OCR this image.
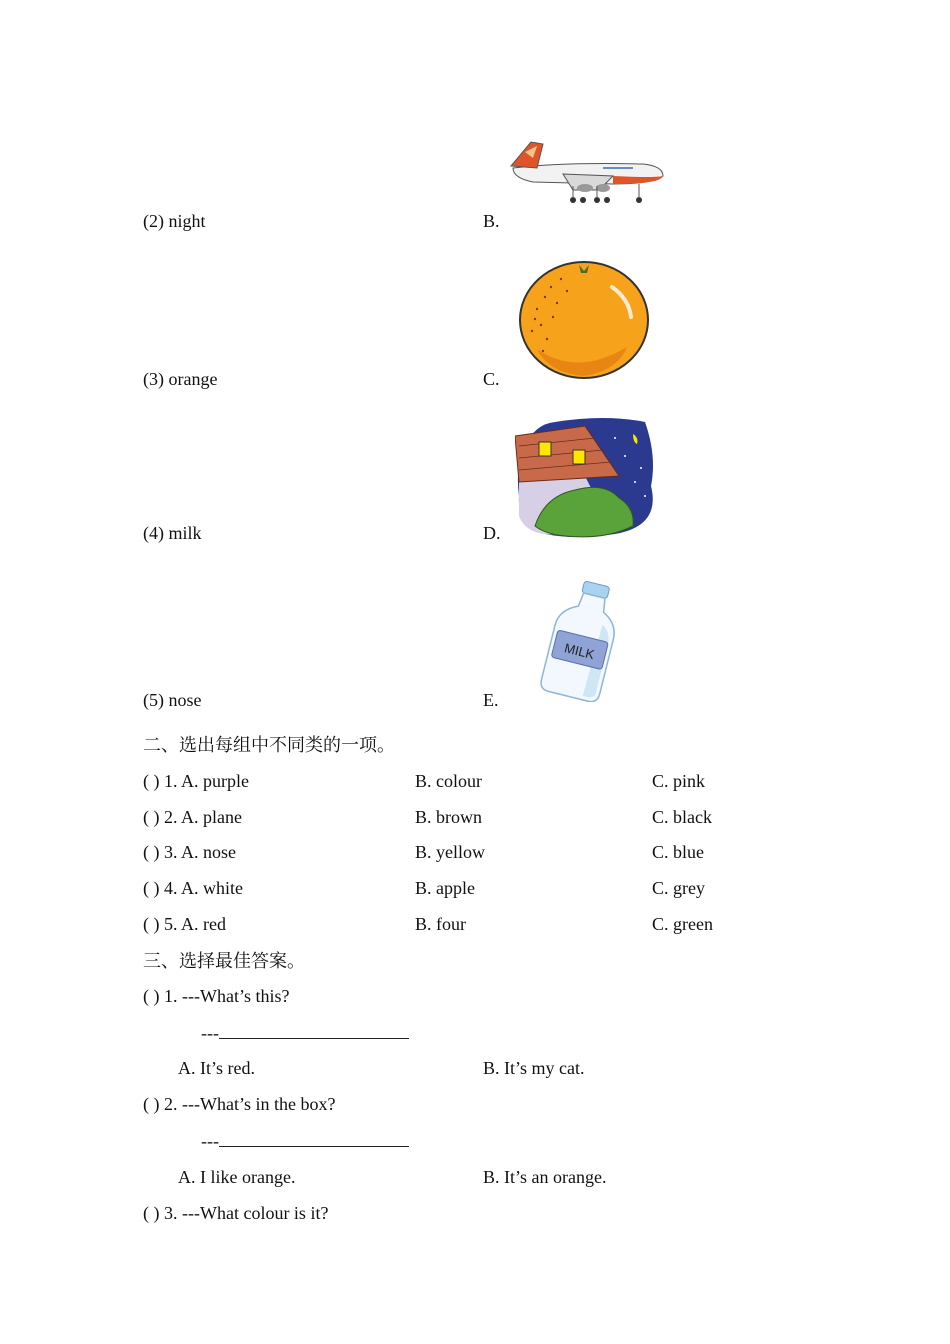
(2) night	B.
(3) orange	C.
(4) milk	D.
(5) nose	E.
MILK
二、选出每组中不同类的一项。
( ) 1. A. purple	B. colour	C. pink
( ) 2. A. plane	B. brown	C. black
( ) 3. A. nose	B. yellow	C. blue
( ) 4. A. white	B. apple	C. grey
( ) 5. A. red	B. four	C. green
三、选择最佳答案。
( ) 1. ---What’s this?
---
A. It’s red.	B. It’s my cat.
( ) 2. ---What’s in the box?
---
A. I like orange.	B. It’s an orange.
( ) 3. ---What colour is it?
